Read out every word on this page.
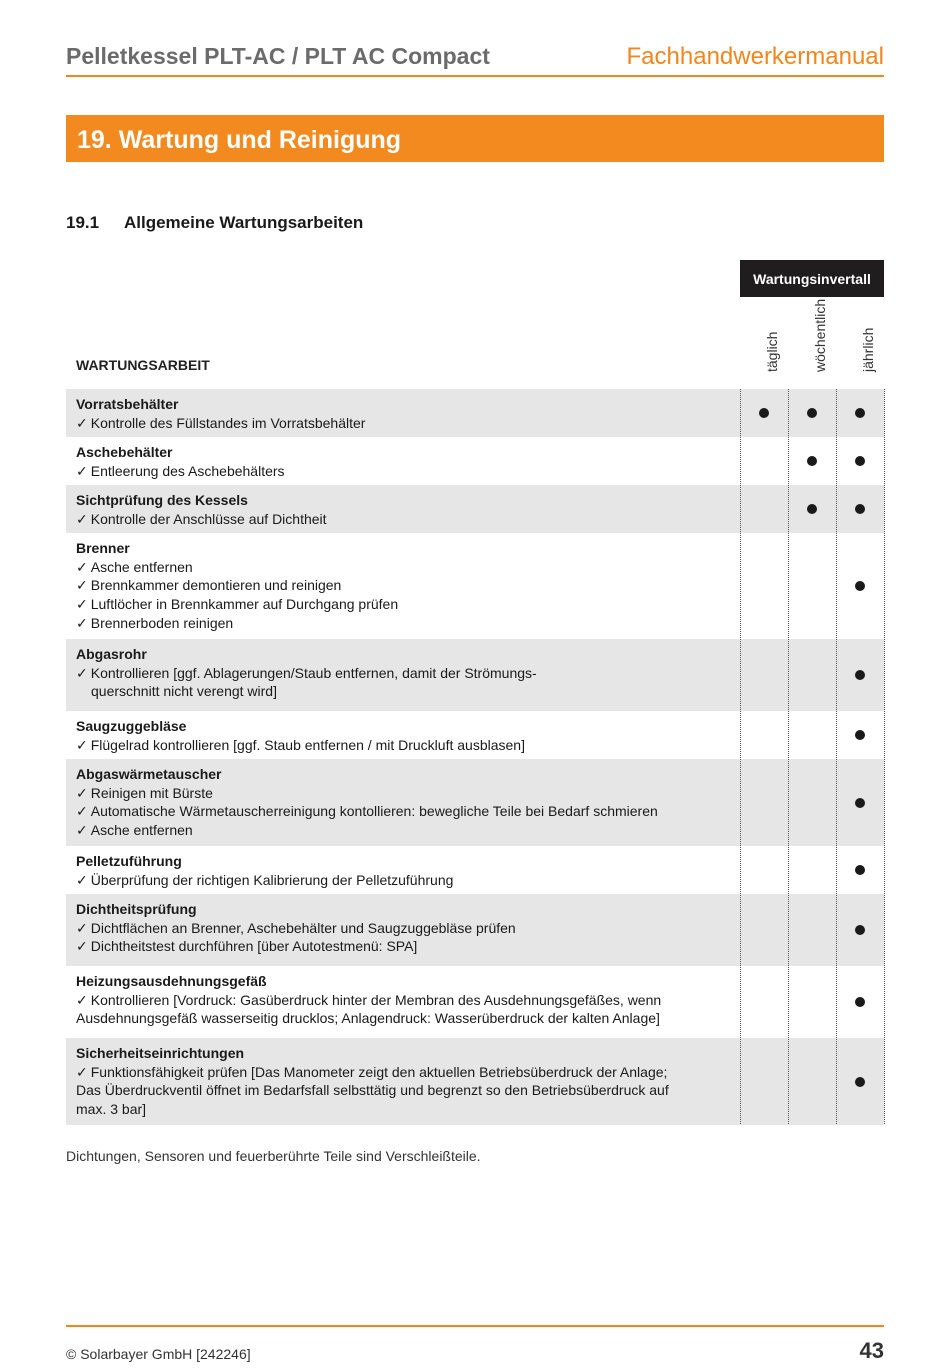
Pelletkessel PLT-AC / PLT AC Compact	Fachhandwerkermanual
19. Wartung und Reinigung
19.1 Allgemeine Wartungsarbeiten
Wartungsinvertall
täglich wöchentlich jährlich
WARTUNGSARBEIT
Vorratsbehälter
✓ Kontrolle des Füllstandes im Vorratsbehälter
Aschebehälter
✓ Entleerung des Aschebehälters
Sichtprüfung des Kessels
✓ Kontrolle der Anschlüsse auf Dichtheit
Brenner
✓ Asche entfernen
✓ Brennkammer demontieren und reinigen
✓ Luftlöcher in Brennkammer auf Durchgang prüfen
✓ Brennerboden reinigen
Abgasrohr
✓ Kontrollieren [ggf. Ablagerungen/Staub entfernen, damit der Strömungs-
querschnitt nicht verengt wird]
Saugzuggebläse
✓ Flügelrad kontrollieren [ggf. Staub entfernen / mit Druckluft ausblasen]
Abgaswärmetauscher
✓ Reinigen mit Bürste
✓ Automatische Wärmetauscherreinigung kontollieren: bewegliche Teile bei Bedarf schmieren
✓ Asche entfernen
Pelletzuführung
✓ Überprüfung der richtigen Kalibrierung der Pelletzuführung
Dichtheitsprüfung
✓ Dichtflächen an Brenner, Aschebehälter und Saugzuggebläse prüfen
✓ Dichtheitstest durchführen [über Autotestmenü: SPA]
Heizungsausdehnungsgefäß
✓ Kontrollieren [Vordruck: Gasüberdruck hinter der Membran des Ausdehnungsgefäßes, wenn
Ausdehnungsgefäß wasserseitig drucklos; Anlagendruck: Wasserüberdruck der kalten Anlage]
Sicherheitseinrichtungen
✓ Funktionsfähigkeit prüfen [Das Manometer zeigt den aktuellen Betriebsüberdruck der Anlage;
Das Überdruckventil öffnet im Bedarfsfall selbsttätig und begrenzt so den Betriebsüberdruck auf
max. 3 bar]
Dichtungen, Sensoren und feuerberührte Teile sind Verschleißteile.
© Solarbayer GmbH [242246]	43
